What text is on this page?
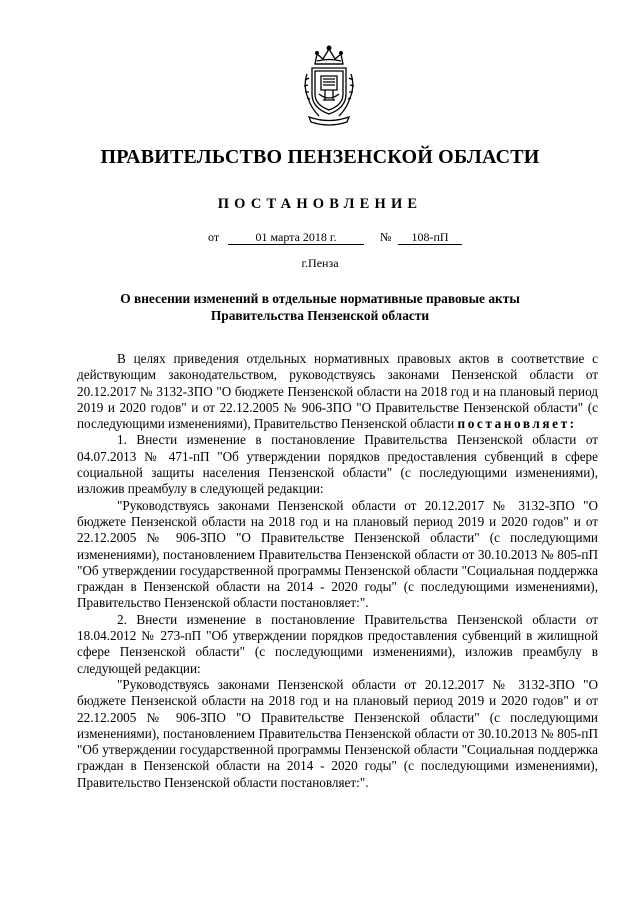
ПРАВИТЕЛЬСТВО ПЕНЗЕНСКОЙ ОБЛАСТИ
ПОСТАНОВЛЕНИЕ
от	01 марта 2018 г.	№	108-пП
г.Пенза
О внесении изменений в отдельные нормативные правовые акты
Правительства Пензенской области

В целях приведения отдельных нормативных правовых актов в соответствие с действующим законодательством, руководствуясь законами Пензенской области от 20.12.2017 № 3132-ЗПО "О бюджете Пензенской области на 2018 год и на плановый период 2019 и 2020 годов" и от 22.12.2005 № 906-ЗПО "О Правительстве Пензенской области" (с последующими изменениями), Правительство Пензенской области постановляет:

1. Внести изменение в постановление Правительства Пензенской области от 04.07.2013 № 471-пП "Об утверждении порядков предоставления субвенций в сфере социальной защиты населения Пензенской области" (с последующими изменениями), изложив преамбулу в следующей редакции:

"Руководствуясь законами Пензенской области от 20.12.2017 № 3132-ЗПО "О бюджете Пензенской области на 2018 год и на плановый период 2019 и 2020 годов" и от 22.12.2005 № 906-ЗПО "О Правительстве Пензенской области" (с последующими изменениями), постановлением Правительства Пензенской области от 30.10.2013 № 805-пП "Об утверждении государственной программы Пензенской области "Социальная поддержка граждан в Пензенской области на 2014 - 2020 годы" (с последующими изменениями), Правительство Пензенской области постановляет:".

2. Внести изменение в постановление Правительства Пензенской области от 18.04.2012 № 273-пП "Об утверждении порядков предоставления субвенций в жилищной сфере Пензенской области" (с последующими изменениями), изложив преамбулу в следующей редакции:

"Руководствуясь законами Пензенской области от 20.12.2017 № 3132-ЗПО "О бюджете Пензенской области на 2018 год и на плановый период 2019 и 2020 годов" и от 22.12.2005 № 906-ЗПО "О Правительстве Пензенской области" (с последующими изменениями), постановлением Правительства Пензенской области от 30.10.2013 № 805-пП "Об утверждении государственной программы Пензенской области "Социальная поддержка граждан в Пензенской области на 2014 - 2020 годы" (с последующими изменениями), Правительство Пензенской области постановляет:".
